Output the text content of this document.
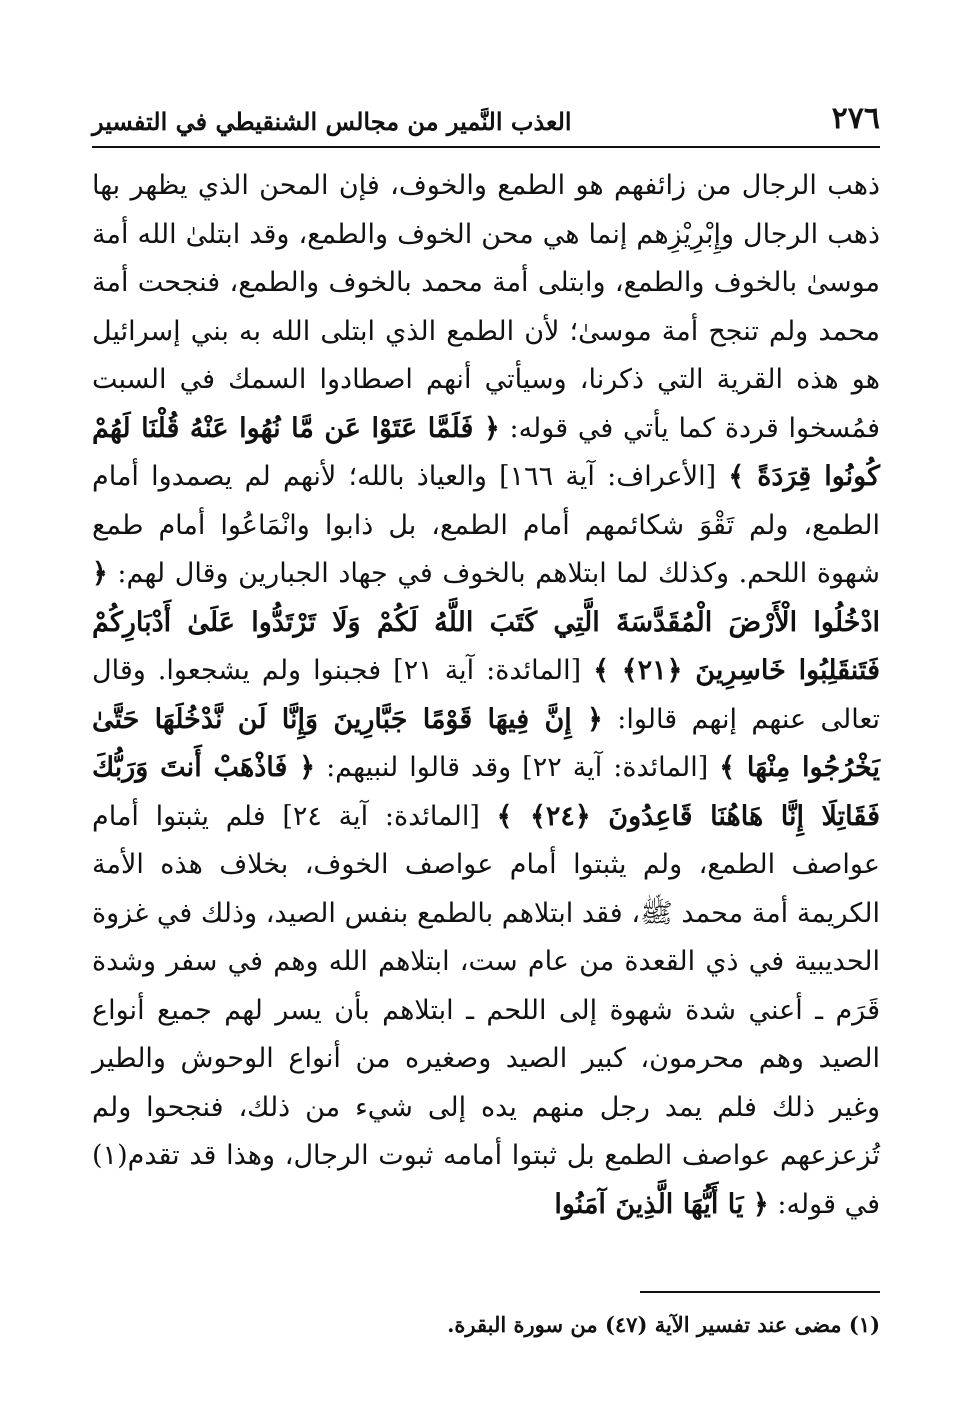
٢٧٦
العذب النَّمير من مجالس الشنقيطي في التفسير

ذهب الرجال من زائفهم هو الطمع والخوف، فإن المحن الذي يظهر بها ذهب الرجال وإِبْرِيْزِهم إنما هي محن الخوف والطمع، وقد ابتلىٰ الله أمة موسىٰ بالخوف والطمع، وابتلى أمة محمد بالخوف والطمع، فنجحت أمة محمد ولم تنجح أمة موسىٰ؛ لأن الطمع الذي ابتلى الله به بني إسرائيل هو هذه القرية التي ذكرنا، وسيأتي أنهم اصطادوا السمك في السبت فمُسخوا قردة كما يأتي في قوله: ﴿ فَلَمَّا عَتَوْا عَن مَّا نُهُوا عَنْهُ قُلْنَا لَهُمْ كُونُوا قِرَدَةً ﴾ [الأعراف: آية ١٦٦] والعياذ بالله؛ لأنهم لم يصمدوا أمام الطمع، ولم تَقْوَ شكائمهم أمام الطمع، بل ذابوا وانْمَاعُوا أمام طمع شهوة اللحم. وكذلك لما ابتلاهم بالخوف في جهاد الجبارين وقال لهم: ﴿ ادْخُلُوا الْأَرْضَ الْمُقَدَّسَةَ الَّتِي كَتَبَ اللَّهُ لَكُمْ وَلَا تَرْتَدُّوا عَلَىٰ أَدْبَارِكُمْ فَتَنقَلِبُوا خَاسِرِينَ ﴿٢١﴾ ﴾ [المائدة: آية ٢١] فجبنوا ولم يشجعوا. وقال تعالى عنهم إنهم قالوا: ﴿ إِنَّ فِيهَا قَوْمًا جَبَّارِينَ وَإِنَّا لَن نَّدْخُلَهَا حَتَّىٰ يَخْرُجُوا مِنْهَا ﴾ [المائدة: آية ٢٢] وقد قالوا لنبيهم: ﴿ فَاذْهَبْ أَنتَ وَرَبُّكَ فَقَاتِلَا إِنَّا هَاهُنَا قَاعِدُونَ ﴿٢٤﴾ ﴾ [المائدة: آية ٢٤] فلم يثبتوا أمام عواصف الطمع، ولم يثبتوا أمام عواصف الخوف، بخلاف هذه الأمة الكريمة أمة محمد ﷺ، فقد ابتلاهم بالطمع بنفس الصيد، وذلك في غزوة الحديبية في ذي القعدة من عام ست، ابتلاهم الله وهم في سفر وشدة قَرَم ـ أعني شدة شهوة إلى اللحم ـ ابتلاهم بأن يسر لهم جميع أنواع الصيد وهم محرمون، كبير الصيد وصغيره من أنواع الوحوش والطير وغير ذلك فلم يمد رجل منهم يده إلى شيء من ذلك، فنجحوا ولم تُزعزعهم عواصف الطمع بل ثبتوا أمامه ثبوت الرجال، وهذا قد تقدم(١) في قوله: ﴿ يَا أَيُّهَا الَّذِينَ آمَنُوا

(١) مضى عند تفسير الآية (٤٧) من سورة البقرة.
